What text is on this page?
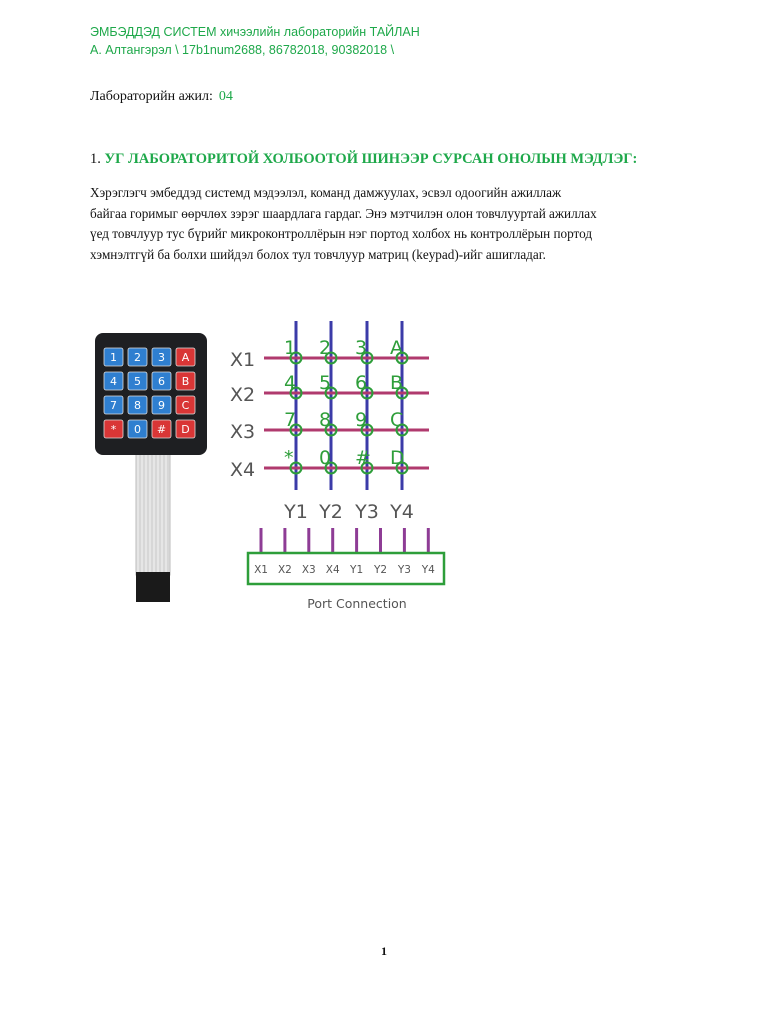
ЭМБЭДДЭД СИСТЕМ хичээлийн лабораторийн ТАЙЛАН
А. Алтангэрэл \ 17b1num2688, 86782018, 90382018 \
Лабораторийн ажил: 04
1. УГ ЛАБОРАТОРИТОЙ ХОЛБООТОЙ ШИНЭЭР СУРСАН ОНОЛЫН МЭДЛЭГ:
Хэрэглэгч эмбеддэд системд мэдээлэл, команд дамжуулах, эсвэл одоогийн ажиллаж
байгаа горимыг өөрчлөх зэрэг шаардлага гардаг. Энэ мэтчилэн олон товчлууртай ажиллах
үед товчлуур тус бүрийг микроконтроллёрын нэг портод холбох нь контроллёрын портод
хэмнэлтгүй ба болхи шийдэл болох тул товчлуур матриц (keypad)-ийг ашигладаг.
1 2 3 A
4 5 6 B
7 8 9 C
* 0 # D
X1
X2
X3
X4
1 2 3 A
4 5 6 B
7 8 9 C
* 0 # D
Y1 Y2 Y3 Y4
X1 X2 X3 X4 Y1 Y2 Y3 Y4
Port Connection
1
